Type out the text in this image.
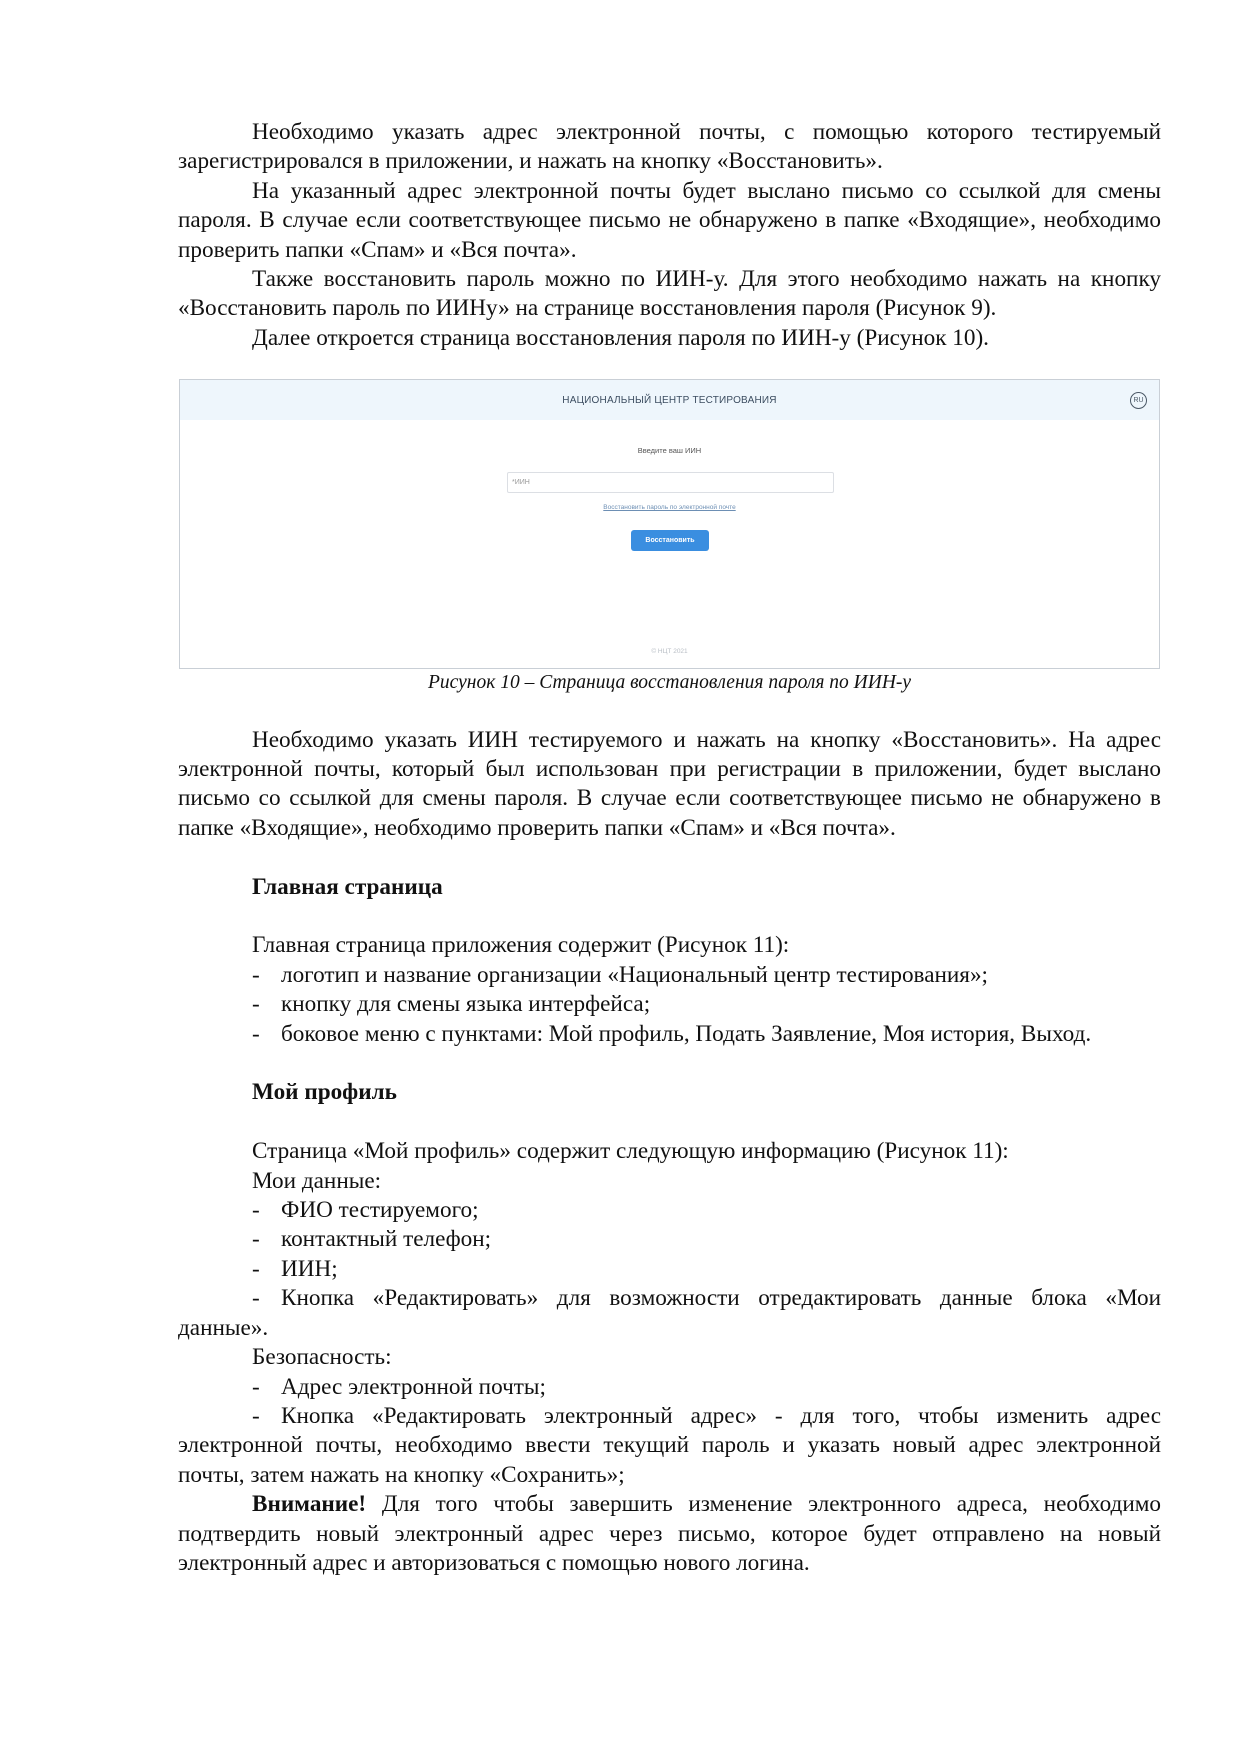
Необходимо указать адрес электронной почты, с помощью которого тестируемый зарегистрировался в приложении, и нажать на кнопку «Восстановить».

На указанный адрес электронной почты будет выслано письмо со ссылкой для смены пароля. В случае если соответствующее письмо не обнаружено в папке «Входящие», необходимо проверить папки «Спам» и «Вся почта».

Также восстановить пароль можно по ИИН-у. Для этого необходимо нажать на кнопку «Восстановить пароль по ИИНу» на странице восстановления пароля (Рисунок 9).

Далее откроется страница восстановления пароля по ИИН-у (Рисунок 10).

НАЦИОНАЛЬНЫЙ ЦЕНТР ТЕСТИРОВАНИЯ	RU
Введите ваш ИИН
*ИИН
Восстановить пароль по электронной почте
Восстановить
© НЦТ 2021

Рисунок 10 – Страница восстановления пароля по ИИН-у

Необходимо указать ИИН тестируемого и нажать на кнопку «Восстановить». На адрес электронной почты, который был использован при регистрации в приложении, будет выслано письмо со ссылкой для смены пароля. В случае если соответствующее письмо не обнаружено в папке «Входящие», необходимо проверить папки «Спам» и «Вся почта».

Главная страница

Главная страница приложения содержит (Рисунок 11):

- логотип и название организации «Национальный центр тестирования»;

- кнопку для смены языка интерфейса;

- боковое меню с пунктами: Мой профиль, Подать Заявление, Моя история, Выход.

Мой профиль

Страница «Мой профиль» содержит следующую информацию (Рисунок 11):

Мои данные:

- ФИО тестируемого;

- контактный телефон;

- ИИН;

- Кнопка «Редактировать» для возможности отредактировать данные блока «Мои данные».

Безопасность:

- Адрес электронной почты;

- Кнопка «Редактировать электронный адрес» - для того, чтобы изменить адрес электронной почты, необходимо ввести текущий пароль и указать новый адрес электронной почты, затем нажать на кнопку «Сохранить»;

Внимание! Для того чтобы завершить изменение электронного адреса, необходимо подтвердить новый электронный адрес через письмо, которое будет отправлено на новый электронный адрес и авторизоваться с помощью нового логина.
